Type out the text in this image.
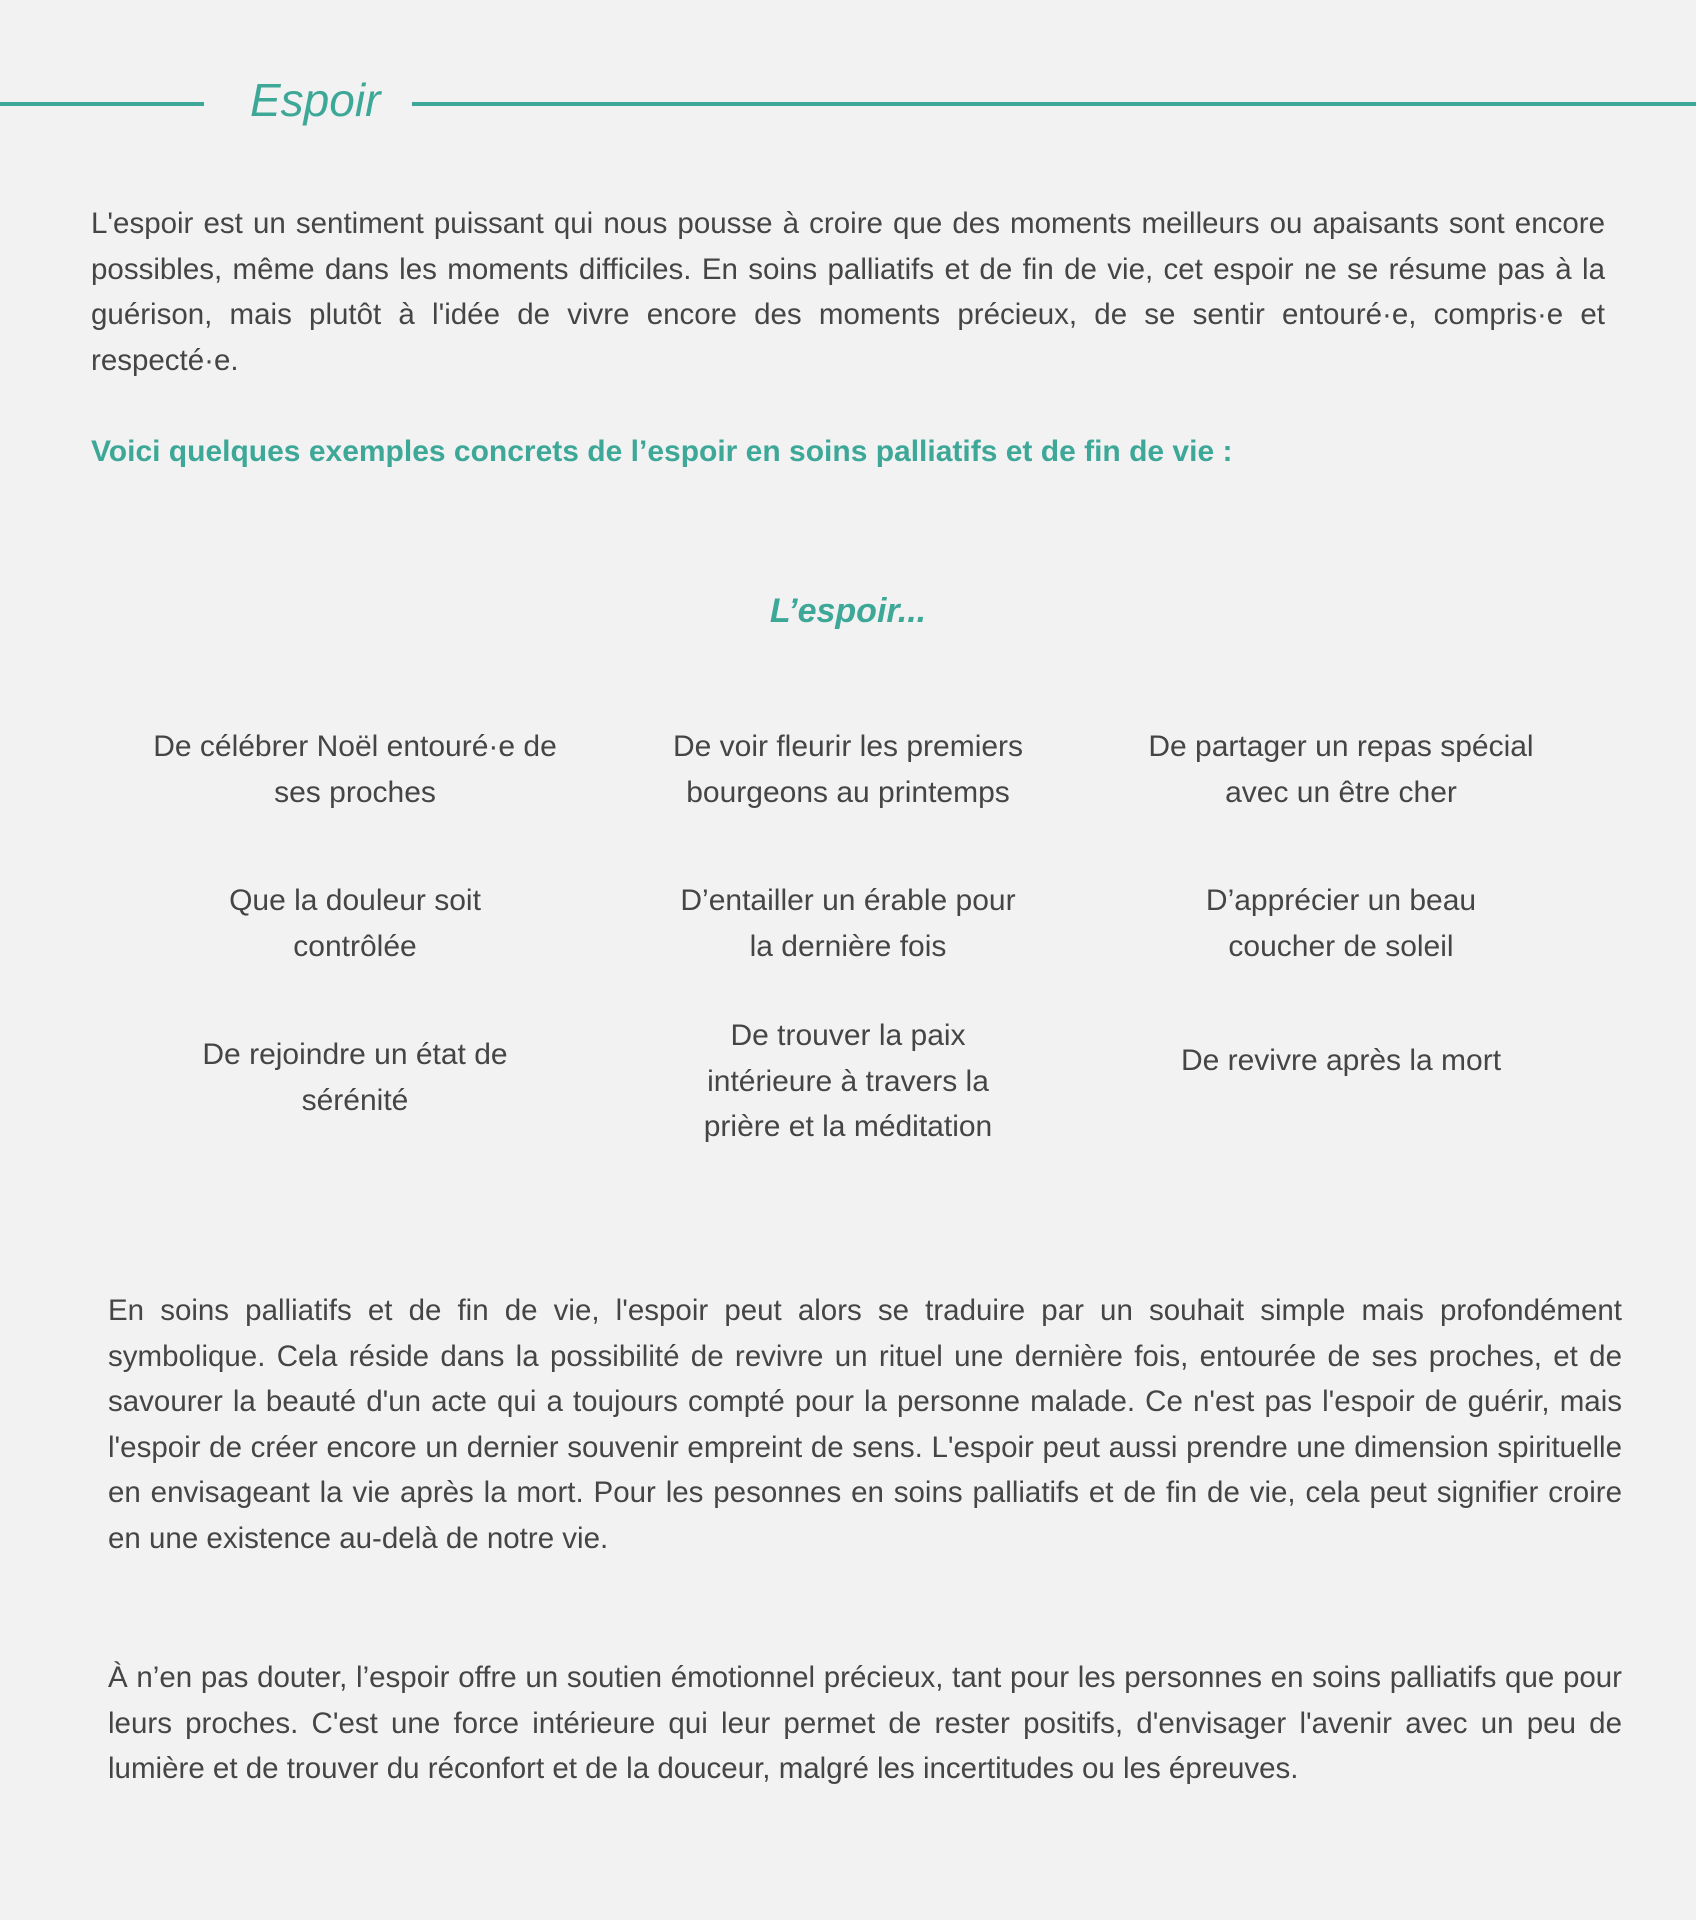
Espoir

L'espoir est un sentiment puissant qui nous pousse à croire que des moments meilleurs ou apaisants sont encore possibles, même dans les moments difficiles. En soins palliatifs et de fin de vie, cet espoir ne se résume pas à la guérison, mais plutôt à l'idée de vivre encore des moments précieux, de se sentir entouré·e, compris·e et respecté·e.

Voici quelques exemples concrets de l’espoir en soins palliatifs et de fin de vie :
L’espoir...

De célébrer Noël entouré·e de ses proches

De voir fleurir les premiers bourgeons au printemps

De partager un repas spécial avec un être cher

Que la douleur soit contrôlée

D’entailler un érable pour la dernière fois

D’apprécier un beau coucher de soleil

De rejoindre un état de sérénité

De trouver la paix intérieure à travers la prière et la méditation

De revivre après la mort

En soins palliatifs et de fin de vie, l'espoir peut alors se traduire par un souhait simple mais profondément symbolique. Cela réside dans la possibilité de revivre un rituel une dernière fois, entourée de ses proches, et de savourer la beauté d'un acte qui a toujours compté pour la personne malade. Ce n'est pas l'espoir de guérir, mais l'espoir de créer encore un dernier souvenir empreint de sens. L'espoir peut aussi prendre une dimension spirituelle en envisageant la vie après la mort. Pour les pesonnes en soins palliatifs et de fin de vie, cela peut signifier croire en une existence au-delà de notre vie.

À n’en pas douter, l’espoir offre un soutien émotionnel précieux, tant pour les personnes en soins palliatifs que pour leurs proches. C'est une force intérieure qui leur permet de rester positifs, d'envisager l'avenir avec un peu de lumière et de trouver du réconfort et de la douceur, malgré les incertitudes ou les épreuves.
